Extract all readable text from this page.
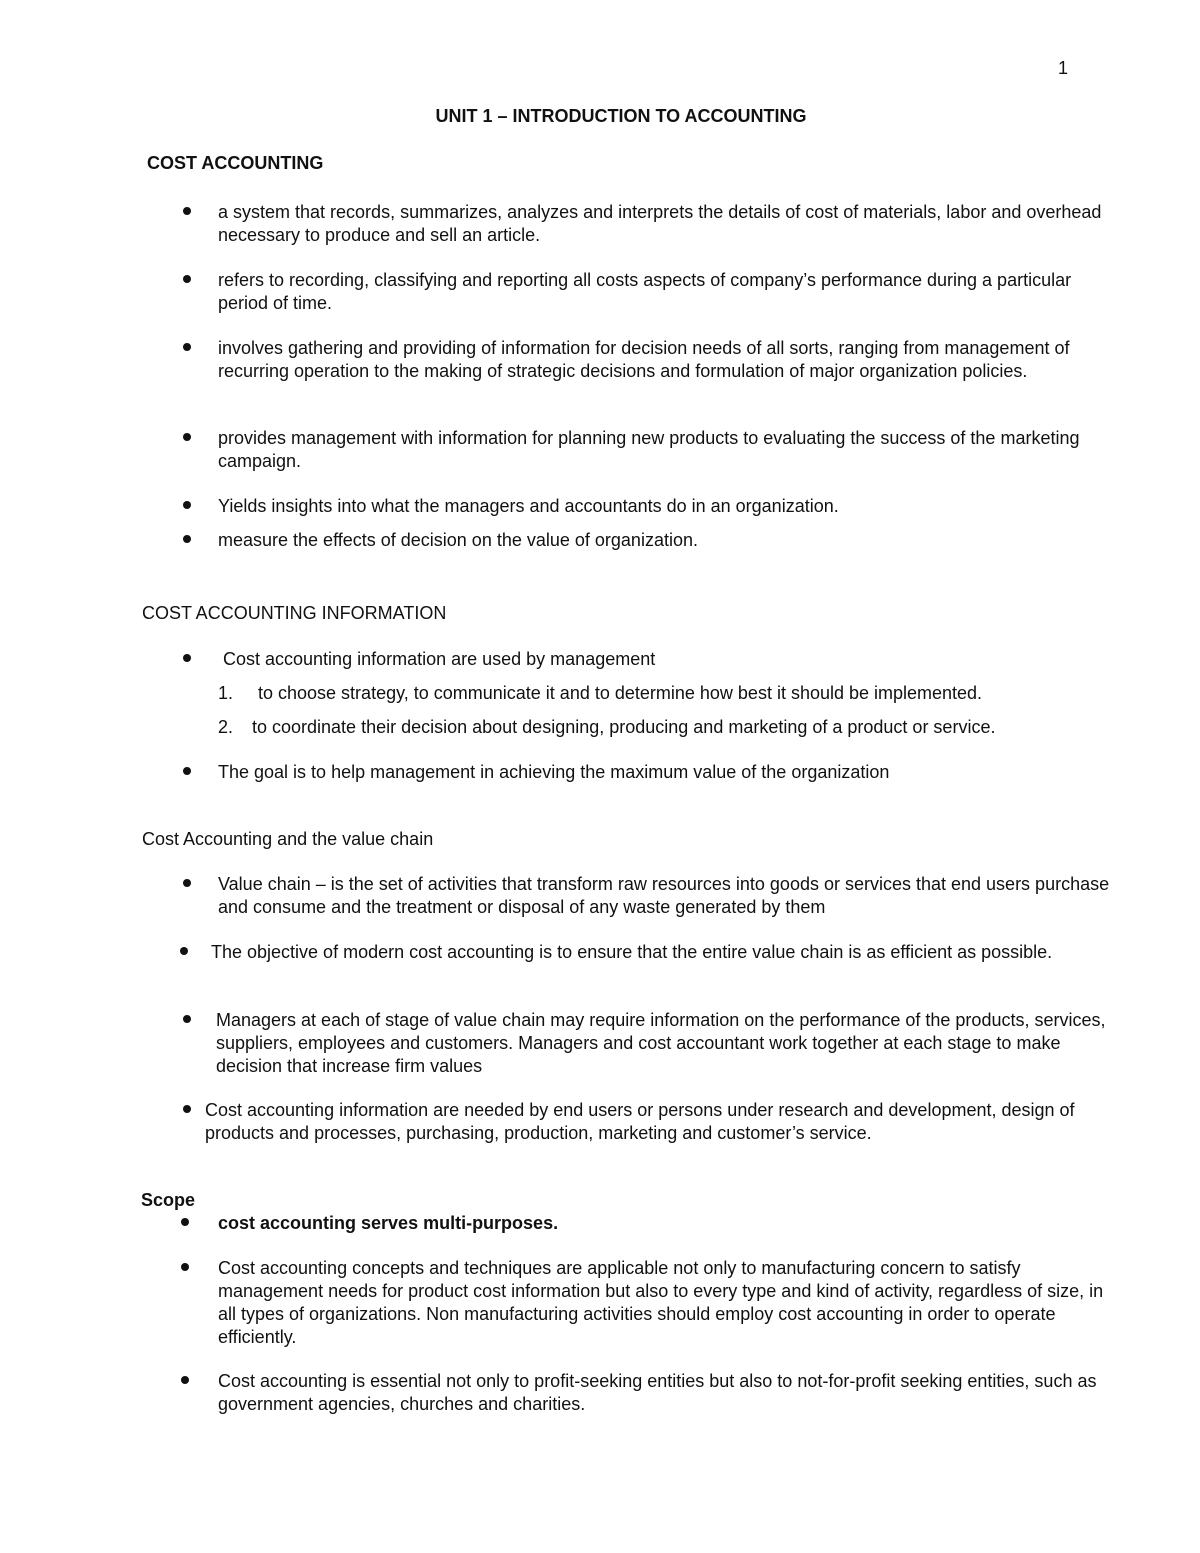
1
UNIT 1 – INTRODUCTION TO ACCOUNTING
COST ACCOUNTING
a system that records, summarizes, analyzes and interprets the details of cost of materials, labor and overhead necessary to produce and sell an article.
refers to recording, classifying and reporting all costs aspects of company’s performance during a particular period of time.
involves gathering and providing of information for decision needs of all sorts, ranging from management of recurring operation to the making of strategic decisions and formulation of major organization policies.
provides management with information for planning new products to evaluating the success of the marketing campaign.
Yields insights into what the managers and accountants do in an organization.
measure the effects of decision on the value of organization.
COST ACCOUNTING INFORMATION
Cost accounting information are used by management
1. to choose strategy, to communicate it and to determine how best it should be implemented.
2. to coordinate their decision about designing, producing and marketing of a product or service.
The goal is to help management in achieving the maximum value of the organization
Cost Accounting and the value chain
Value chain – is the set of activities that transform raw resources into goods or services that end users purchase and consume and the treatment or disposal of any waste generated by them
The objective of modern cost accounting is to ensure that the entire value chain is as efficient as possible.
Managers at each of stage of value chain may require information on the performance of the products, services, suppliers, employees and customers. Managers and cost accountant work together at each stage to make decision that increase firm values
Cost accounting information are needed by end users or persons under research and development, design of products and processes, purchasing, production, marketing and customer’s service.
Scope
cost accounting serves multi-purposes.
Cost accounting concepts and techniques are applicable not only to manufacturing concern to satisfy management needs for product cost information but also to every type and kind of activity, regardless of size, in all types of organizations. Non manufacturing activities should employ cost accounting in order to operate efficiently.
Cost accounting is essential not only to profit-seeking entities but also to not-for-profit seeking entities, such as government agencies, churches and charities.
